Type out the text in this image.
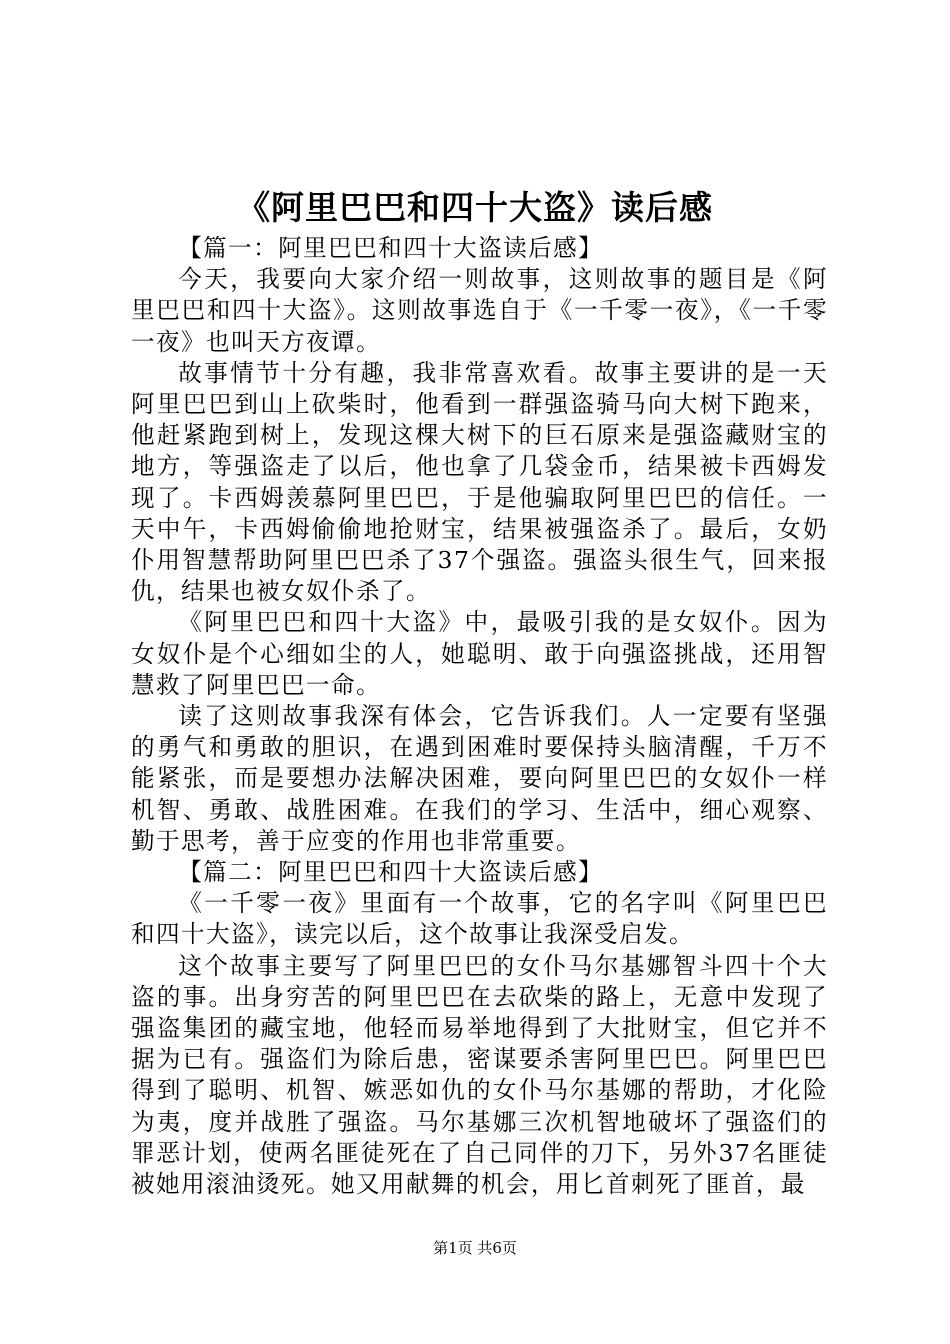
《阿里巴巴和四十大盗》读后感

【篇一：阿里巴巴和四十大盗读后感】

今天，我要向大家介绍一则故事，这则故事的题目是《阿里巴巴和四十大盗》。这则故事选自于《一千零一夜》，《一千零一夜》也叫天方夜谭。

故事情节十分有趣，我非常喜欢看。故事主要讲的是一天阿里巴巴到山上砍柴时，他看到一群强盗骑马向大树下跑来，他赶紧跑到树上，发现这棵大树下的巨石原来是强盗藏财宝的地方，等强盗走了以后，他也拿了几袋金币，结果被卡西姆发现了。卡西姆羡慕阿里巴巴，于是他骗取阿里巴巴的信任。一天中午，卡西姆偷偷地抢财宝，结果被强盗杀了。最后，女奶仆用智慧帮助阿里巴巴杀了37个强盗。强盗头很生气，回来报仇，结果也被女奴仆杀了。

《阿里巴巴和四十大盗》中，最吸引我的是女奴仆。因为女奴仆是个心细如尘的人，她聪明、敢于向强盗挑战，还用智慧救了阿里巴巴一命。

读了这则故事我深有体会，它告诉我们。人一定要有坚强的勇气和勇敢的胆识，在遇到困难时要保持头脑清醒，千万不能紧张，而是要想办法解决困难，要向阿里巴巴的女奴仆一样机智、勇敢、战胜困难。在我们的学习、生活中，细心观察、勤于思考，善于应变的作用也非常重要。

【篇二：阿里巴巴和四十大盗读后感】

《一千零一夜》里面有一个故事，它的名字叫《阿里巴巴和四十大盗》，读完以后，这个故事让我深受启发。

这个故事主要写了阿里巴巴的女仆马尔基娜智斗四十个大盗的事。出身穷苦的阿里巴巴在去砍柴的路上，无意中发现了强盗集团的藏宝地，他轻而易举地得到了大批财宝，但它并不据为已有。强盗们为除后患，密谋要杀害阿里巴巴。阿里巴巴得到了聪明、机智、嫉恶如仇的女仆马尔基娜的帮助，才化险为夷，度并战胜了强盗。马尔基娜三次机智地破坏了强盗们的罪恶计划，使两名匪徒死在了自己同伴的刀下，另外37名匪徒被她用滚油烫死。她又用献舞的机会，用匕首刺死了匪首，最

第1页 共6页
